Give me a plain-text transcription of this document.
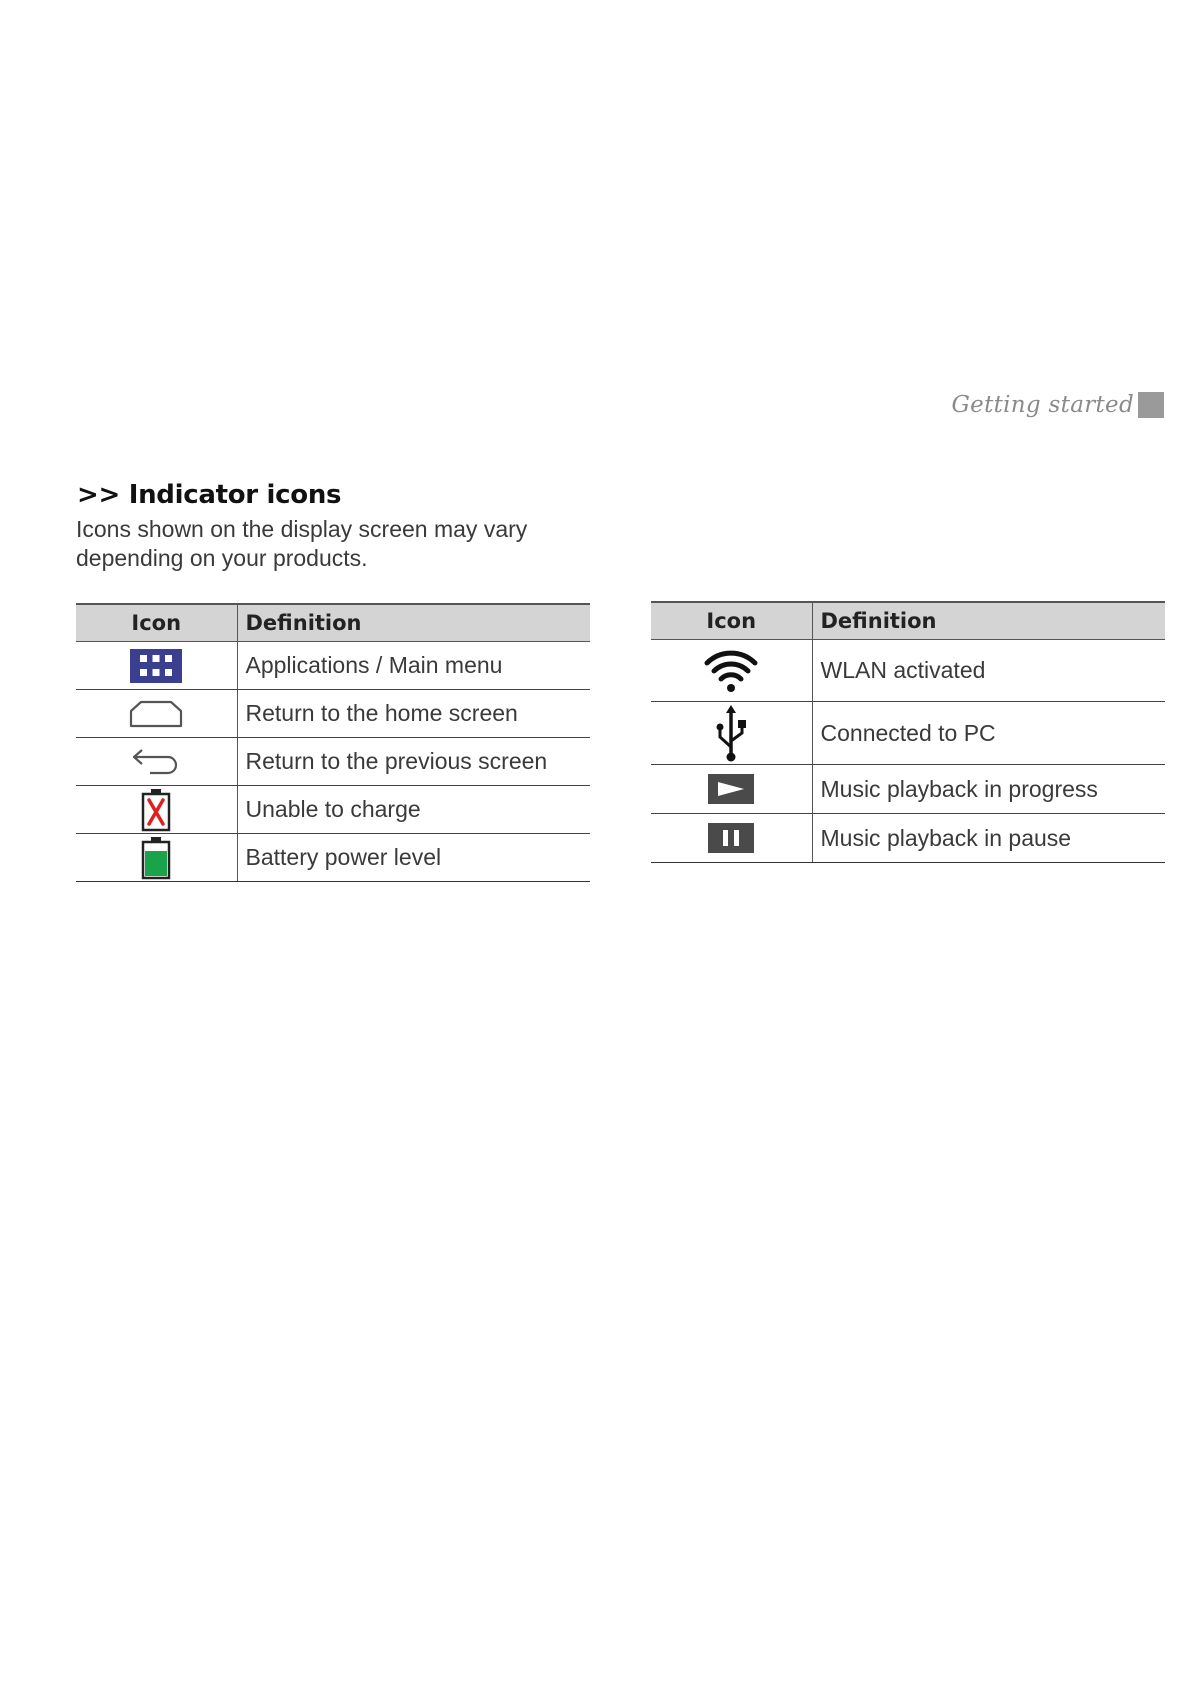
Getting started
>> Indicator icons

Icons shown on the display screen may vary depending on your products.

Icon	Definition
	Applications / Main menu
	Return to the home screen
	Return to the previous screen
	Unable to charge
	Battery power level
Icon	Definition
	WLAN activated
	Connected to PC
	Music playback in progress
	Music playback in pause
